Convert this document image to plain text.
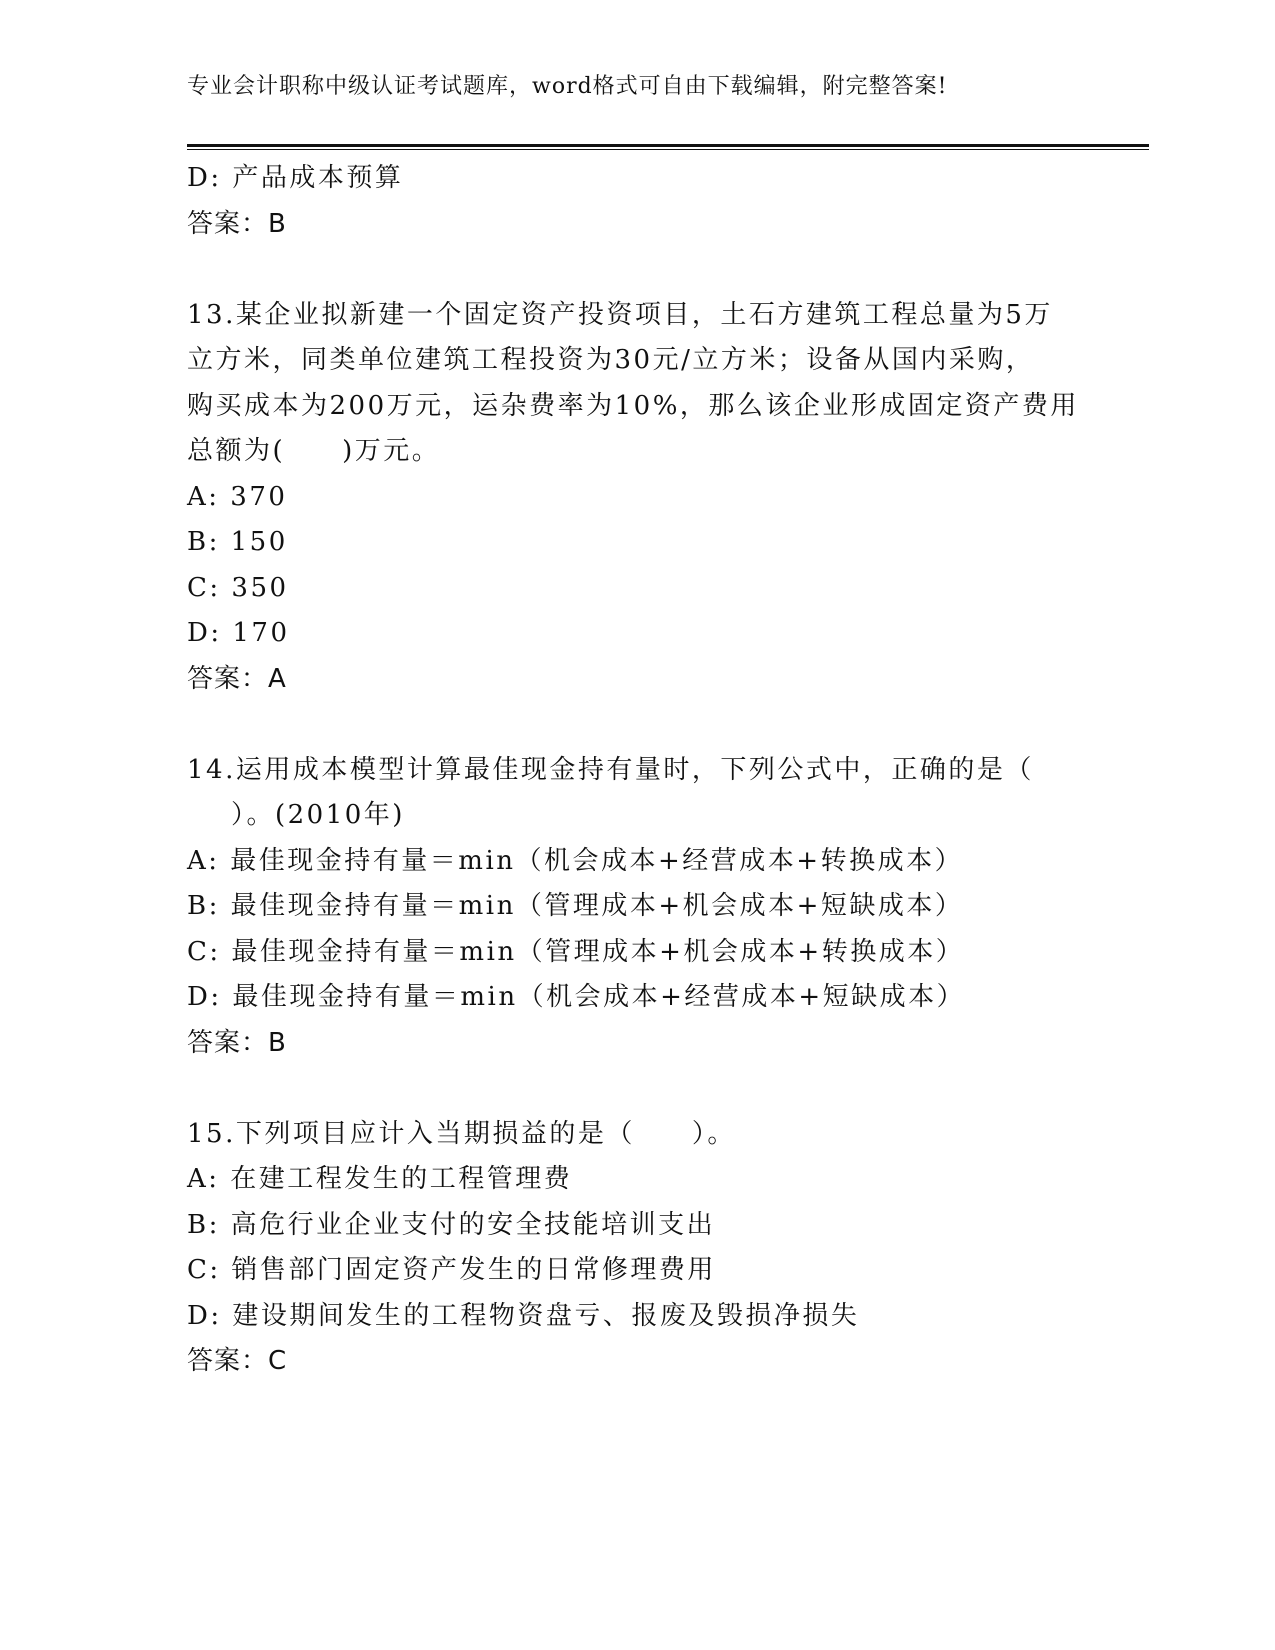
专业会计职称中级认证考试题库，word格式可自由下载编辑，附完整答案!
D: 产品成本预算
答案：B
13.某企业拟新建一个固定资产投资项目，土石方建筑工程总量为5万
立方米，同类单位建筑工程投资为30元/立方米；设备从国内采购，
购买成本为200万元，运杂费率为10%，那么该企业形成固定资产费用
总额为(　　)万元。
A: 370
B: 150
C: 350
D: 170
答案：A
14.运用成本模型计算最佳现金持有量时，下列公式中，正确的是（
）。(2010年)
A: 最佳现金持有量＝min（机会成本+经营成本+转换成本）
B: 最佳现金持有量＝min（管理成本+机会成本+短缺成本）
C: 最佳现金持有量＝min（管理成本+机会成本+转换成本）
D: 最佳现金持有量＝min（机会成本+经营成本+短缺成本）
答案：B
15.下列项目应计入当期损益的是（　　）。
A: 在建工程发生的工程管理费
B: 高危行业企业支付的安全技能培训支出
C: 销售部门固定资产发生的日常修理费用
D: 建设期间发生的工程物资盘亏、报废及毁损净损失
答案：C
